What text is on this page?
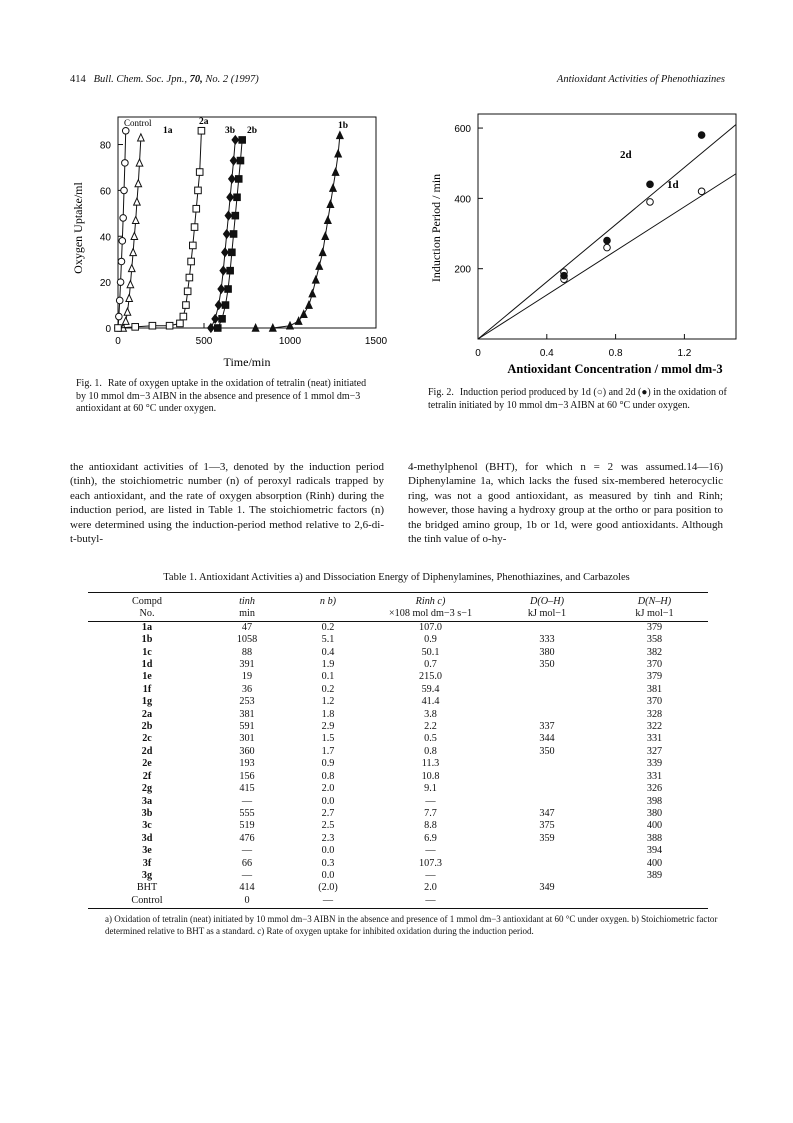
414 Bull. Chem. Soc. Jpn., 70, No. 2 (1997)	Antioxidant Activities of Phenothiazines
0
20
40
60
80
0	500	1000	1500
Time/min
Oxygen Uptake/ml
Control
1a
2a
3b 2b	1b
Fig. 1. Rate of oxygen uptake in the oxidation of tetralin (neat) initiated by 10 mmol dm−3 AIBN in the absence and presence of 1 mmol dm−3 antioxidant at 60 °C under oxygen.
200
400
600
0	0.4	0.8	1.2
Antioxidant Concentration / mmol dm-3
Induction Period / min
2d
1d
Fig. 2. Induction period produced by 1d (○) and 2d (●) in the oxidation of tetralin initiated by 10 mmol dm−3 AIBN at 60 °C under oxygen.
the antioxidant activities of 1—3, denoted by the induction period (tinh), the stoichiometric number (n) of peroxyl radicals trapped by each antioxidant, and the rate of oxygen absorption (Rinh) during the induction period, are listed in Table 1. The stoichiometric factors (n) were determined using the induction-period method relative to 2,6-di-t-butyl-
4-methylphenol (BHT), for which n = 2 was assumed.14—16) Diphenylamine 1a, which lacks the fused six-membered heterocyclic ring, was not a good antioxidant, as measured by tinh and Rinh; however, those having a hydroxy group at the ortho or para position to the bridged amino group, 1b or 1d, were good antioxidants. Although the tinh value of o-hy-
Table 1. Antioxidant Activities a) and Dissociation Energy of Diphenylamines, Phenothiazines, and Carbazoles
Compd	tinh	n b)	Rinh c)	D(O–H)	D(N–H)
No.	min		×108 mol dm−3 s−1	kJ mol−1	kJ mol−1
1a	47	0.2	107.0		379
1b	1058	5.1	0.9	333	358
1c	88	0.4	50.1	380	382
1d	391	1.9	0.7	350	370
1e	19	0.1	215.0		379
1f	36	0.2	59.4		381
1g	253	1.2	41.4		370
2a	381	1.8	3.8		328
2b	591	2.9	2.2	337	322
2c	301	1.5	0.5	344	331
2d	360	1.7	0.8	350	327
2e	193	0.9	11.3		339
2f	156	0.8	10.8		331
2g	415	2.0	9.1		326
3a	—	0.0	—		398
3b	555	2.7	7.7	347	380
3c	519	2.5	8.8	375	400
3d	476	2.3	6.9	359	388
3e	—	0.0	—		394
3f	66	0.3	107.3		400
3g	—	0.0	—		389
BHT	414	(2.0)	2.0	349	
Control	0	—	—		
a) Oxidation of tetralin (neat) initiated by 10 mmol dm−3 AIBN in the absence and presence of 1 mmol dm−3 antioxidant at 60 °C under oxygen. b) Stoichiometric factor determined relative to BHT as a standard. c) Rate of oxygen uptake for inhibited oxidation during the induction period.
